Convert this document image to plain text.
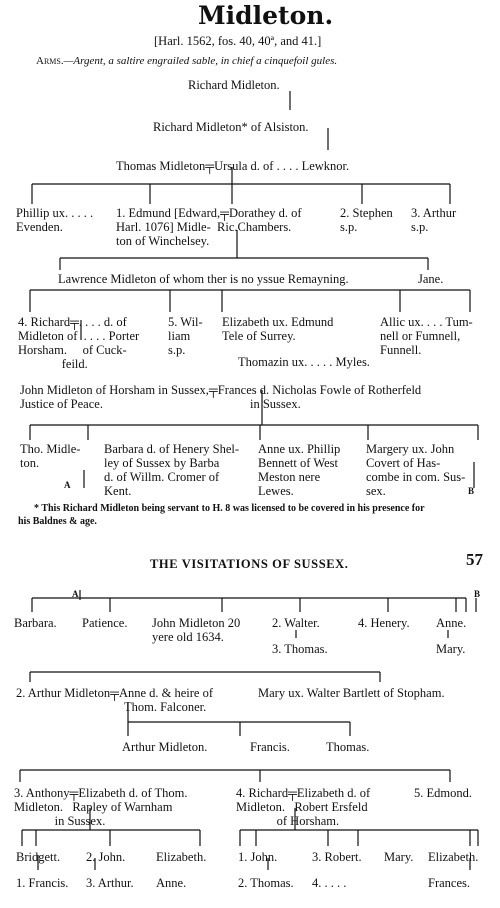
Midleton.
[Harl. 1562, fos. 40, 40ª, and 41.]
Arms.—Argent, a saltire engrailed sable, in chief a cinquefoil gules.
Richard Midleton.
Richard Midleton* of Alsiston.
Thomas Midleton╤Ursula d. of . . . . Lewknor.
Phillip ux. . . . .
Evenden.
1. Edmund [Edward,╤Dorathey d. of
Harl. 1076] Midle-  Ric.Chambers.
ton of Winchelsey.
2. Stephen
s.p.
3. Arthur
s.p.
Lawrence Midleton of whom ther is no yssue Remayning.	Jane.
4. Richard╤. . . . d. of
Midleton of  . . . . Porter
Horsham.     of Cuck-
feild.
5. Wil-
liam
s.p.
Elizabeth ux. Edmund
Tele of Surrey.
Thomazin ux. . . . . Myles.
Allic ux. . . . Tum-
nell or Fumnell,
Funnell.
John Midleton of Horsham in Sussex,╤Frances d. Nicholas Fowle of Rotherfeld
Justice of Peace.	in Sussex.
Tho. Midle-
ton.
A
Barbara d. of Henery Shel-
ley of Sussex by Barba
d. of Willm. Cromer of
Kent.
Anne ux. Phillip
Bennett of West
Meston nere
Lewes.
Margery ux. John
Covert of Has-
combe in com. Sus-
sex.	B
* This Richard Midleton being servant to H. 8 was licensed to be covered in his presence for
his Baldnes & age.
THE VISITATIONS OF SUSSEX.	57
A	B
Barbara. Patience. John Midleton 20
yere old 1634.
2. Walter.
3. Thomas.
4. Henery. Anne.
Mary.
2. Arthur Midleton╤Anne d. & heire of
Thom. Falconer.
Mary ux. Walter Bartlett of Stopham.
Arthur Midleton.	Francis.	Thomas.
3. Anthony╤Elizabeth d. of Thom.
Midleton.   Rapley of Warnham
in Sussex.
4. Richard╤Elizabeth d. of
Midleton.   Robert Ersfeld
of Horsham.
5. Edmond.
Bridgett. 2. John. Elizabeth.
1. Francis. 3. Arthur. Anne.
1. John.	3. Robert. Mary. Elizabeth.
2. Thomas. 4. . . . .	Frances.
